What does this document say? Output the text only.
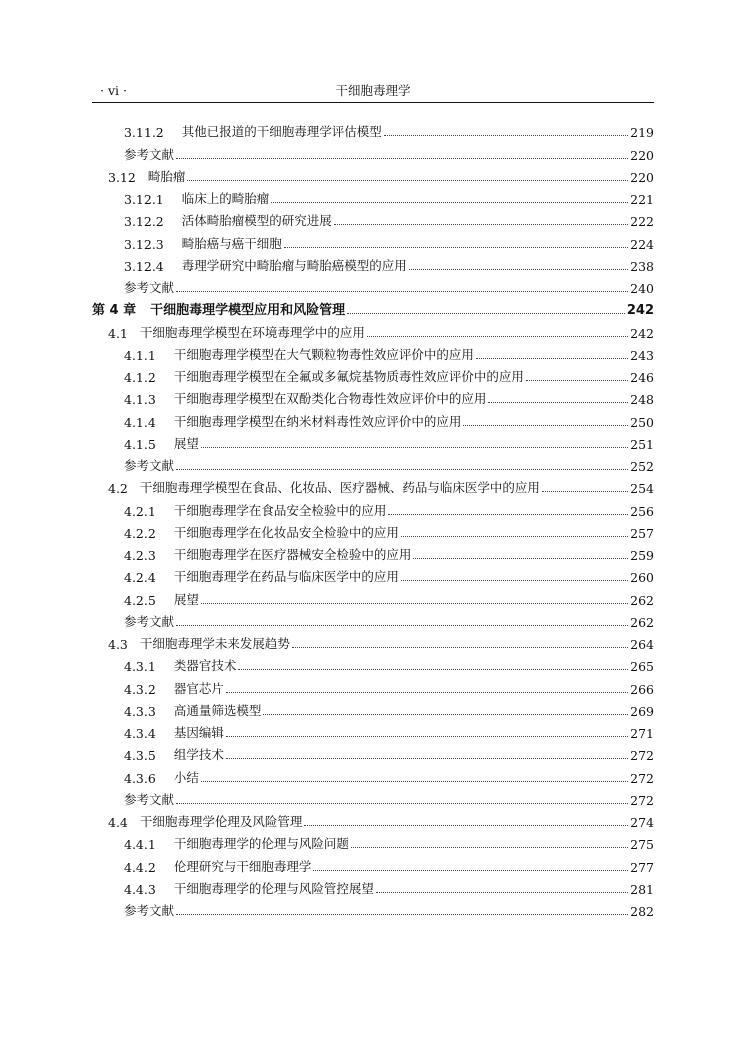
· vi ·	干细胞毒理学
3.11.2 其他已报道的干细胞毒理学评估模型	219
参考文献	220
3.12 畸胎瘤	220
3.12.1 临床上的畸胎瘤	221
3.12.2 活体畸胎瘤模型的研究进展	222
3.12.3 畸胎癌与癌干细胞	224
3.12.4 毒理学研究中畸胎瘤与畸胎癌模型的应用	238
参考文献	240
第 4 章 干细胞毒理学模型应用和风险管理	242
4.1 干细胞毒理学模型在环境毒理学中的应用	242
4.1.1 干细胞毒理学模型在大气颗粒物毒性效应评价中的应用	243
4.1.2 干细胞毒理学模型在全氟或多氟烷基物质毒性效应评价中的应用	246
4.1.3 干细胞毒理学模型在双酚类化合物毒性效应评价中的应用	248
4.1.4 干细胞毒理学模型在纳米材料毒性效应评价中的应用	250
4.1.5 展望	251
参考文献	252
4.2 干细胞毒理学模型在食品、化妆品、医疗器械、药品与临床医学中的应用	254
4.2.1 干细胞毒理学在食品安全检验中的应用	256
4.2.2 干细胞毒理学在化妆品安全检验中的应用	257
4.2.3 干细胞毒理学在医疗器械安全检验中的应用	259
4.2.4 干细胞毒理学在药品与临床医学中的应用	260
4.2.5 展望	262
参考文献	262
4.3 干细胞毒理学未来发展趋势	264
4.3.1 类器官技术	265
4.3.2 器官芯片	266
4.3.3 高通量筛选模型	269
4.3.4 基因编辑	271
4.3.5 组学技术	272
4.3.6 小结	272
参考文献	272
4.4 干细胞毒理学伦理及风险管理	274
4.4.1 干细胞毒理学的伦理与风险问题	275
4.4.2 伦理研究与干细胞毒理学	277
4.4.3 干细胞毒理学的伦理与风险管控展望	281
参考文献	282
